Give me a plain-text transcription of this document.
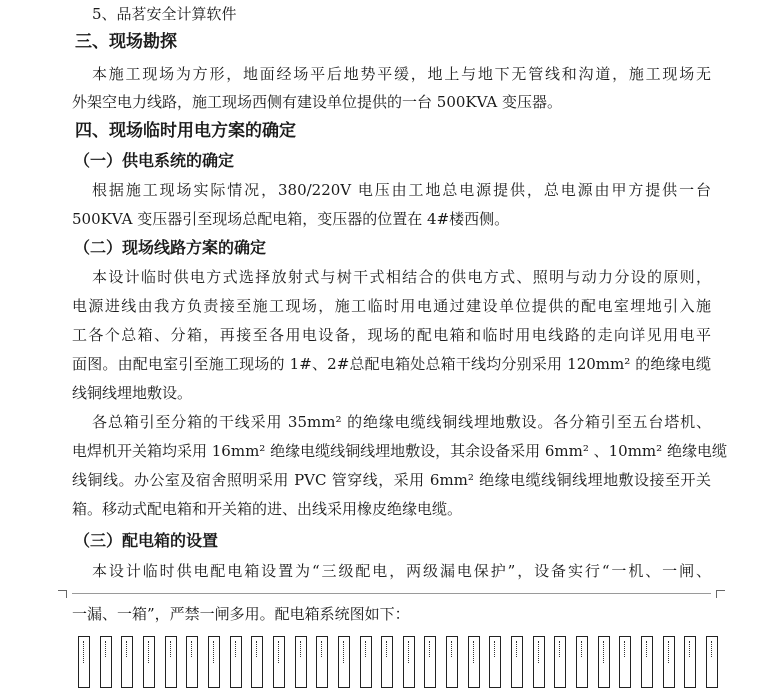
5、品茗安全计算软件
三、现场勘探
本施工现场为方形，地面经场平后地势平缓，地上与地下无管线和沟道，施工现场无
外架空电力线路，施工现场西侧有建设单位提供的一台 500KVA 变压器。
四、现场临时用电方案的确定
（一）供电系统的确定
根据施工现场实际情况，380/220V 电压由工地总电源提供，总电源由甲方提供一台
500KVA 变压器引至现场总配电箱，变压器的位置在 4#楼西侧。
（二）现场线路方案的确定
本设计临时供电方式选择放射式与树干式相结合的供电方式、照明与动力分设的原则，
电源进线由我方负责接至施工现场，施工临时用电通过建设单位提供的配电室埋地引入施
工各个总箱、分箱，再接至各用电设备，现场的配电箱和临时用电线路的走向详见用电平
面图。由配电室引至施工现场的 1#、2#总配电箱处总箱干线均分别采用 120mm² 的绝缘电缆
线铜线埋地敷设。
各总箱引至分箱的干线采用 35mm² 的绝缘电缆线铜线埋地敷设。各分箱引至五台塔机、
电焊机开关箱均采用 16mm² 绝缘电缆线铜线埋地敷设，其余设备采用 6mm² 、10mm² 绝缘电缆
线铜线。办公室及宿舍照明采用 PVC 管穿线，采用 6mm² 绝缘电缆线铜线埋地敷设接至开关
箱。移动式配电箱和开关箱的进、出线采用橡皮绝缘电缆。
（三）配电箱的设置
本设计临时供电配电箱设置为“三级配电，两级漏电保护”，设备实行“一机、一闸、
一漏、一箱”，严禁一闸多用。配电箱系统图如下：
